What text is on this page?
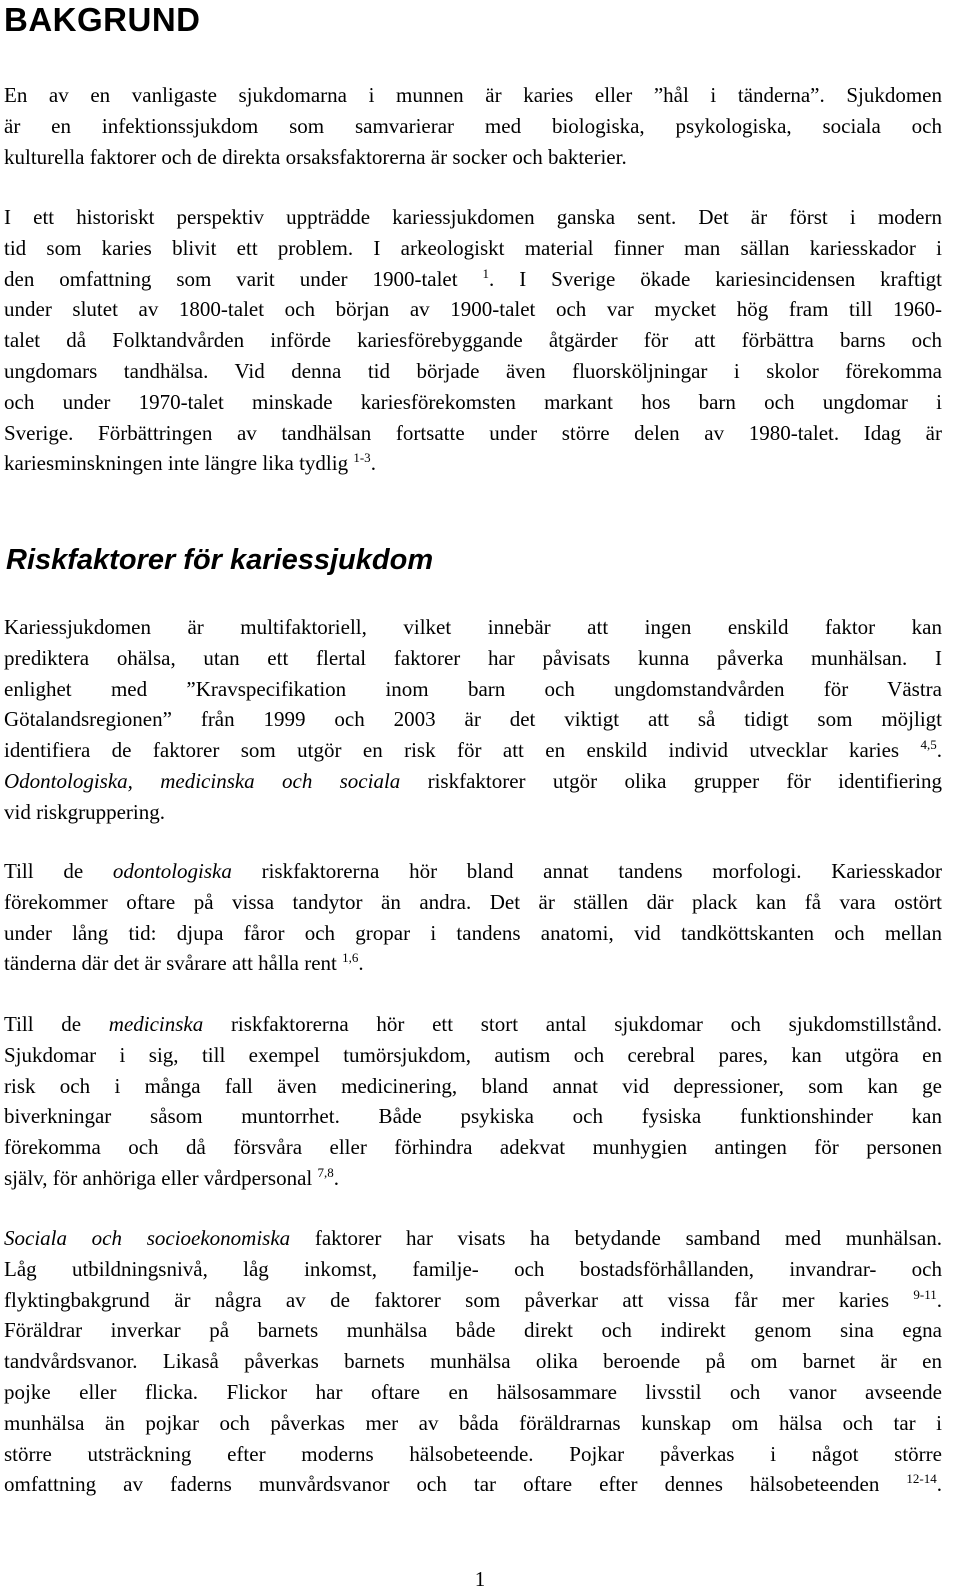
BAKGRUND
En av en vanligaste sjukdomarna i munnen är karies eller ”hål i tänderna”. Sjukdomen
är en infektionssjukdom som samvarierar med biologiska, psykologiska, sociala och
kulturella faktorer och de direkta orsaksfaktorerna är socker och bakterier.
I ett historiskt perspektiv uppträdde kariessjukdomen ganska sent. Det är först i modern
tid som karies blivit ett problem. I arkeologiskt material finner man sällan kariesskador i
den omfattning som varit under 1900-talet $^1$. I Sverige ökade kariesincidensen kraftigt
under slutet av 1800-talet och början av 1900-talet och var mycket hög fram till 1960-
talet då Folktandvården införde kariesförebyggande åtgärder för att förbättra barns och
ungdomars tandhälsa. Vid denna tid började även fluorsköljningar i skolor förekomma
och under 1970-talet minskade kariesförekomsten markant hos barn och ungdomar i
Sverige. Förbättringen av tandhälsan fortsatte under större delen av 1980-talet. Idag är
kariesminskningen inte längre lika tydlig $^{1-3}$.
Riskfaktorer för kariessjukdom
Kariessjukdomen är multifaktoriell, vilket innebär att ingen enskild faktor kan
prediktera ohälsa, utan ett flertal faktorer har påvisats kunna påverka munhälsan. I
enlighet med ”Kravspecifikation inom barn och ungdomstandvården för Västra
Götalandsregionen” från 1999 och 2003 är det viktigt att så tidigt som möjligt
identifiera de faktorer som utgör en risk för att en enskild individ utvecklar karies $^{4,5}$.
Odontologiska, medicinska och sociala riskfaktorer utgör olika grupper för identifiering
vid riskgruppering.
Till de odontologiska riskfaktorerna hör bland annat tandens morfologi. Kariesskador
förekommer oftare på vissa tandytor än andra. Det är ställen där plack kan få vara ostört
under lång tid: djupa fåror och gropar i tandens anatomi, vid tandköttskanten och mellan
tänderna där det är svårare att hålla rent $^{1,6}$.
Till de medicinska riskfaktorerna hör ett stort antal sjukdomar och sjukdomstillstånd.
Sjukdomar i sig, till exempel tumörsjukdom, autism och cerebral pares, kan utgöra en
risk och i många fall även medicinering, bland annat vid depressioner, som kan ge
biverkningar såsom muntorrhet. Både psykiska och fysiska funktionshinder kan
förekomma och då försvåra eller förhindra adekvat munhygien antingen för personen
själv, för anhöriga eller vårdpersonal $^{7,8}$.
Sociala och socioekonomiska faktorer har visats ha betydande samband med munhälsan.
Låg utbildningsnivå, låg inkomst, familje- och bostadsförhållanden, invandrar- och
flyktingbakgrund är några av de faktorer som påverkar att vissa får mer karies $^{9-11}$.
Föräldrar inverkar på barnets munhälsa både direkt och indirekt genom sina egna
tandvårdsvanor. Likaså påverkas barnets munhälsa olika beroende på om barnet är en
pojke eller flicka. Flickor har oftare en hälsosammare livsstil och vanor avseende
munhälsa än pojkar och påverkas mer av båda föräldrarnas kunskap om hälsa och tar i
större utsträckning efter moderns hälsobeteende. Pojkar påverkas i något större
omfattning av faderns munvårdsvanor och tar oftare efter dennes hälsobeteenden $^{12-14}$.

1
